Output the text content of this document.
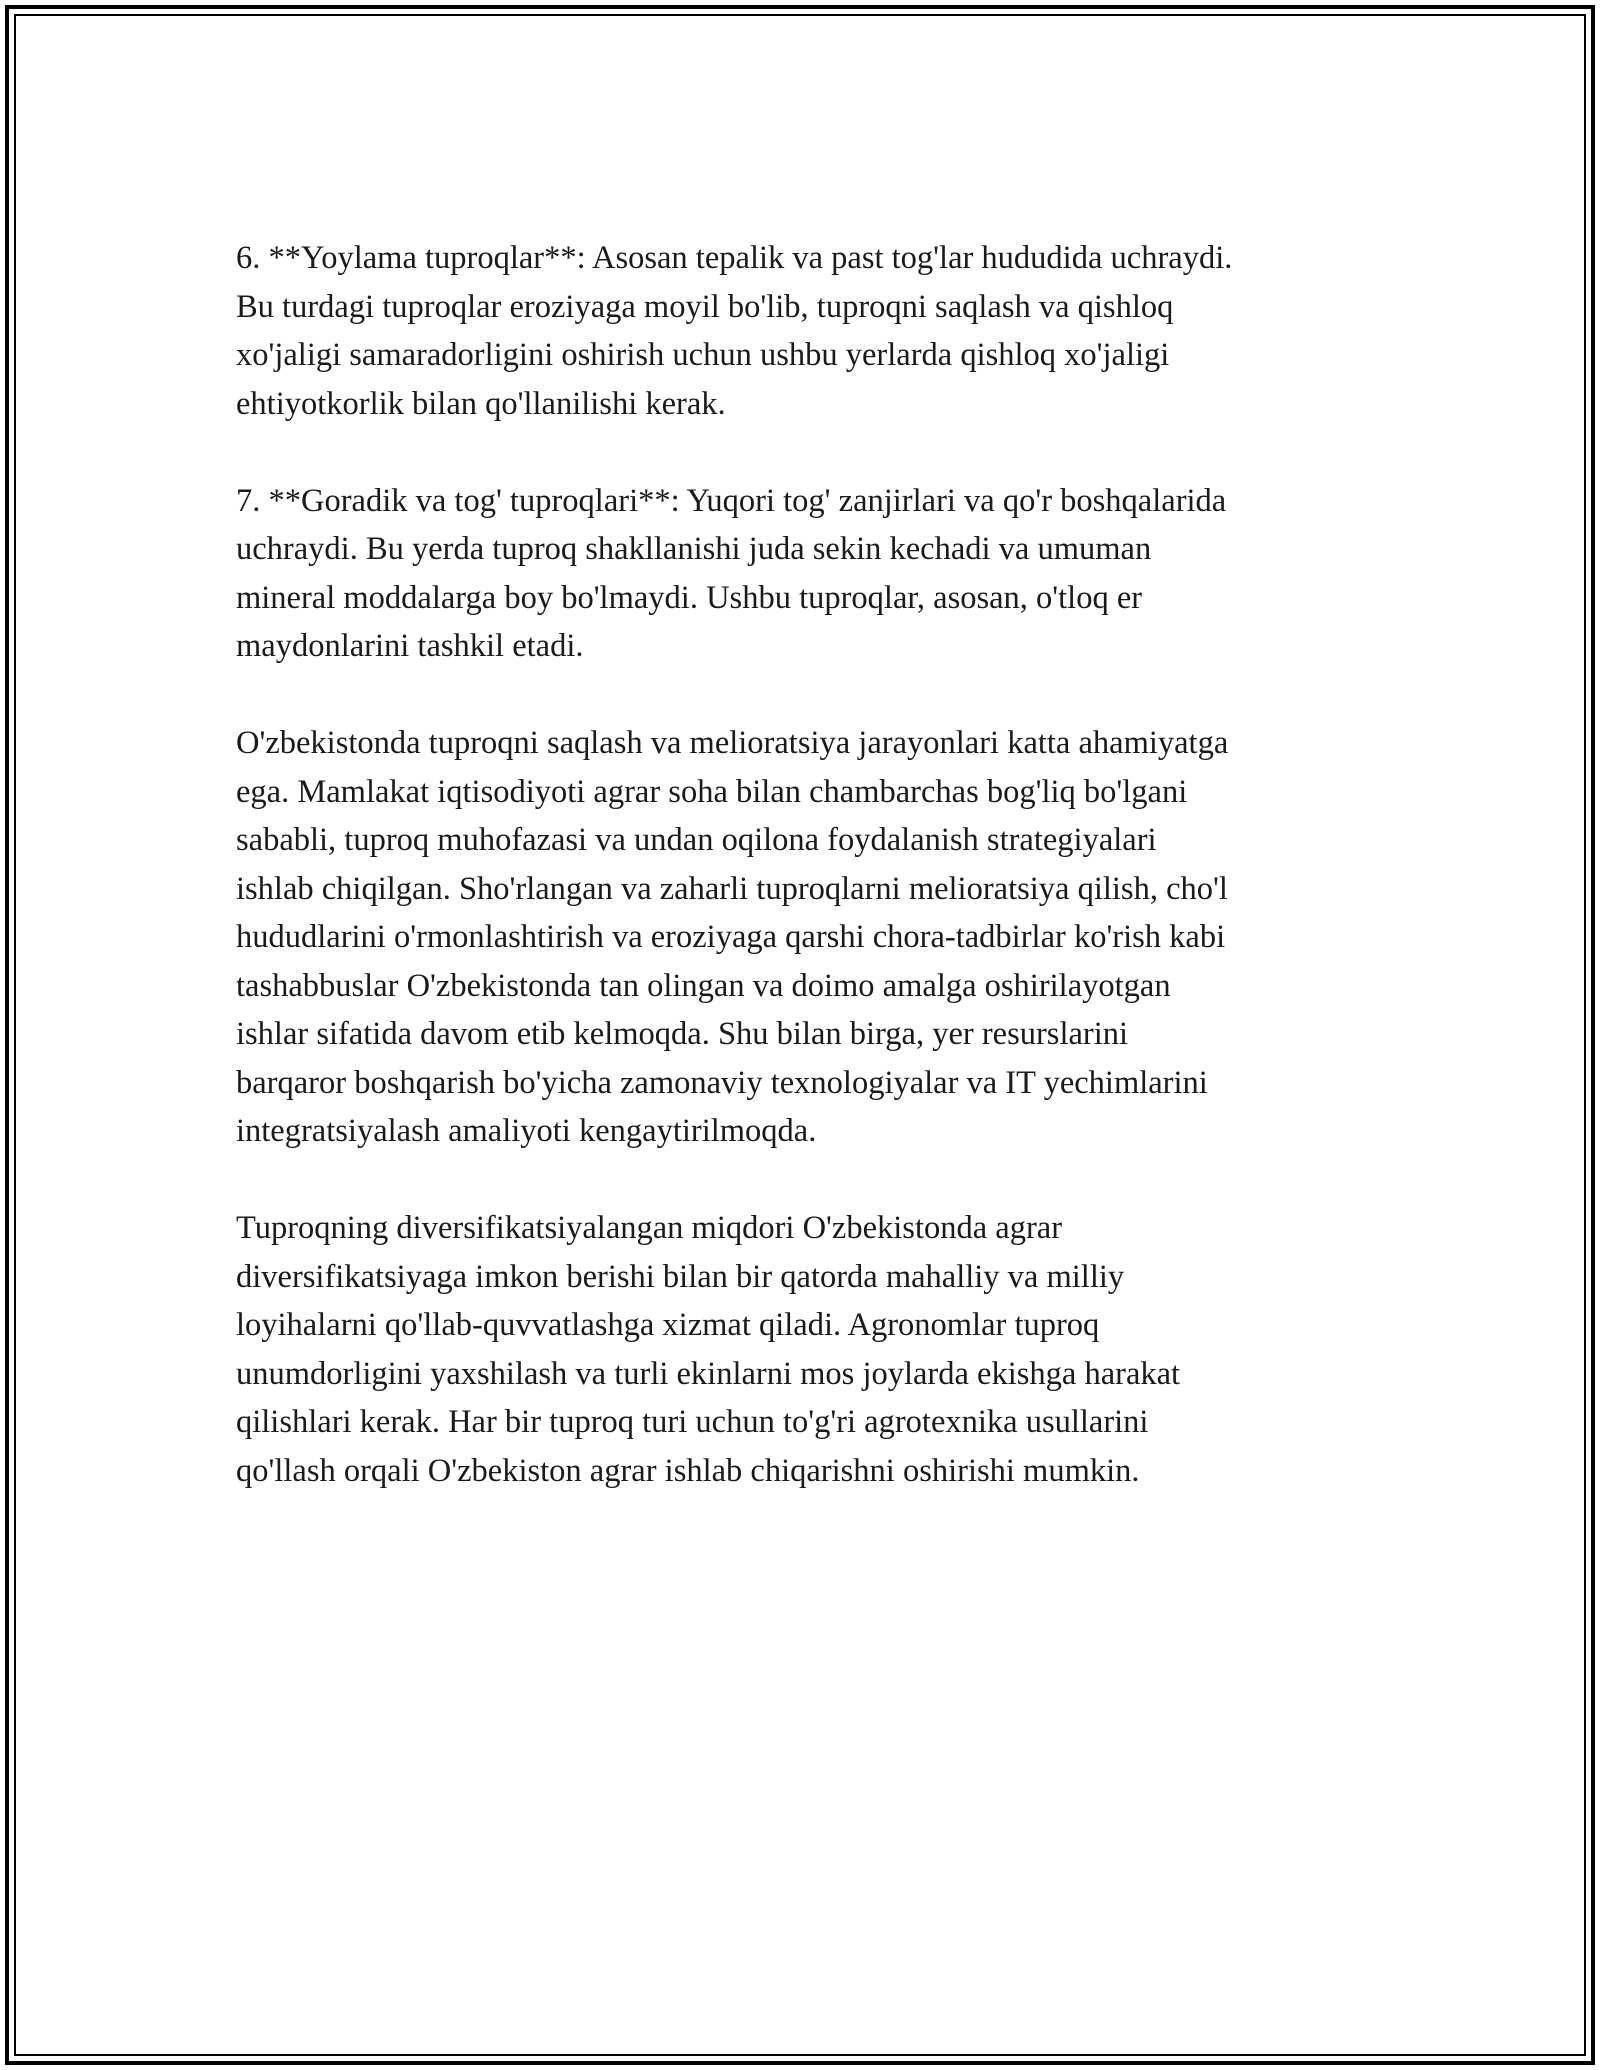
6. **Yoylama tuproqlar**: Asosan tepalik va past tog'lar hududida uchraydi.
Bu turdagi tuproqlar eroziyaga moyil bo'lib, tuproqni saqlash va qishloq
xo'jaligi samaradorligini oshirish uchun ushbu yerlarda qishloq xo'jaligi
ehtiyotkorlik bilan qo'llanilishi kerak.

7. **Goradik va tog' tuproqlari**: Yuqori tog' zanjirlari va qo'r boshqalarida
uchraydi. Bu yerda tuproq shakllanishi juda sekin kechadi va umuman
mineral moddalarga boy bo'lmaydi. Ushbu tuproqlar, asosan, o'tloq er
maydonlarini tashkil etadi.

O'zbekistonda tuproqni saqlash va melioratsiya jarayonlari katta ahamiyatga
ega. Mamlakat iqtisodiyoti agrar soha bilan chambarchas bog'liq bo'lgani
sababli, tuproq muhofazasi va undan oqilona foydalanish strategiyalari
ishlab chiqilgan. Sho'rlangan va zaharli tuproqlarni melioratsiya qilish, cho'l
hududlarini o'rmonlashtirish va eroziyaga qarshi chora-tadbirlar ko'rish kabi
tashabbuslar O'zbekistonda tan olingan va doimo amalga oshirilayotgan
ishlar sifatida davom etib kelmoqda. Shu bilan birga, yer resurslarini
barqaror boshqarish bo'yicha zamonaviy texnologiyalar va IT yechimlarini
integratsiyalash amaliyoti kengaytirilmoqda.

Tuproqning diversifikatsiyalangan miqdori O'zbekistonda agrar
diversifikatsiyaga imkon berishi bilan bir qatorda mahalliy va milliy
loyihalarni qo'llab-quvvatlashga xizmat qiladi. Agronomlar tuproq
unumdorligini yaxshilash va turli ekinlarni mos joylarda ekishga harakat
qilishlari kerak. Har bir tuproq turi uchun to'g'ri agrotexnika usullarini
qo'llash orqali O'zbekiston agrar ishlab chiqarishni oshirishi mumkin.
